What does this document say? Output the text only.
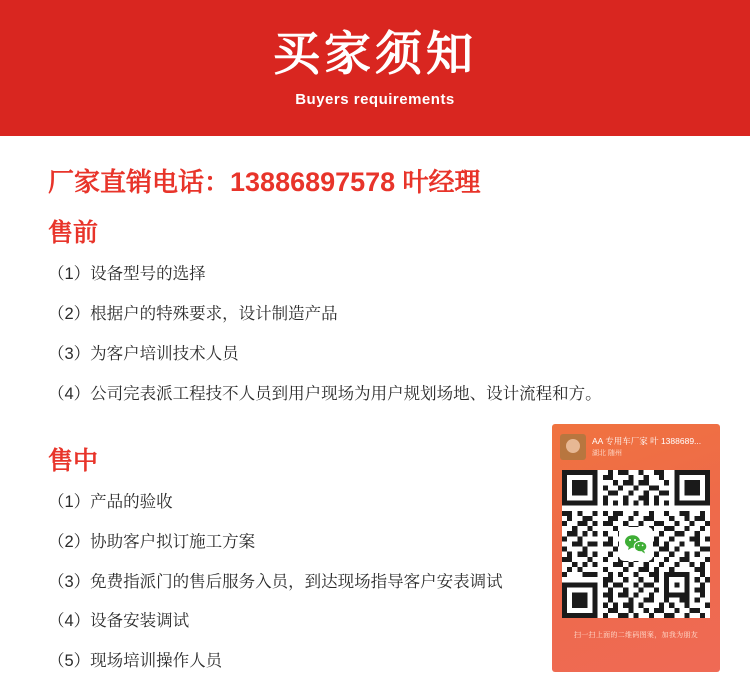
买家须知
Buyers requirements
厂家直销电话：13886897578 叶经理
售前
（1）设备型号的选择
（2）根据户的特殊要求，设计制造产品
（3）为客户培训技术人员
（4）公司完表派工程技不人员到用户现场为用户规划场地、设计流程和方。
售中
（1）产品的验收
（2）协助客户拟订施工方案
（3）免费指派门的售后服务入员，到达现场指导客户安表调试
（4）设备安装调试
（5）现场培训操作人员
AA 专用车厂家 叶 1388689...
湖北 随州
扫一扫上面的二维码图案，加我为朋友
